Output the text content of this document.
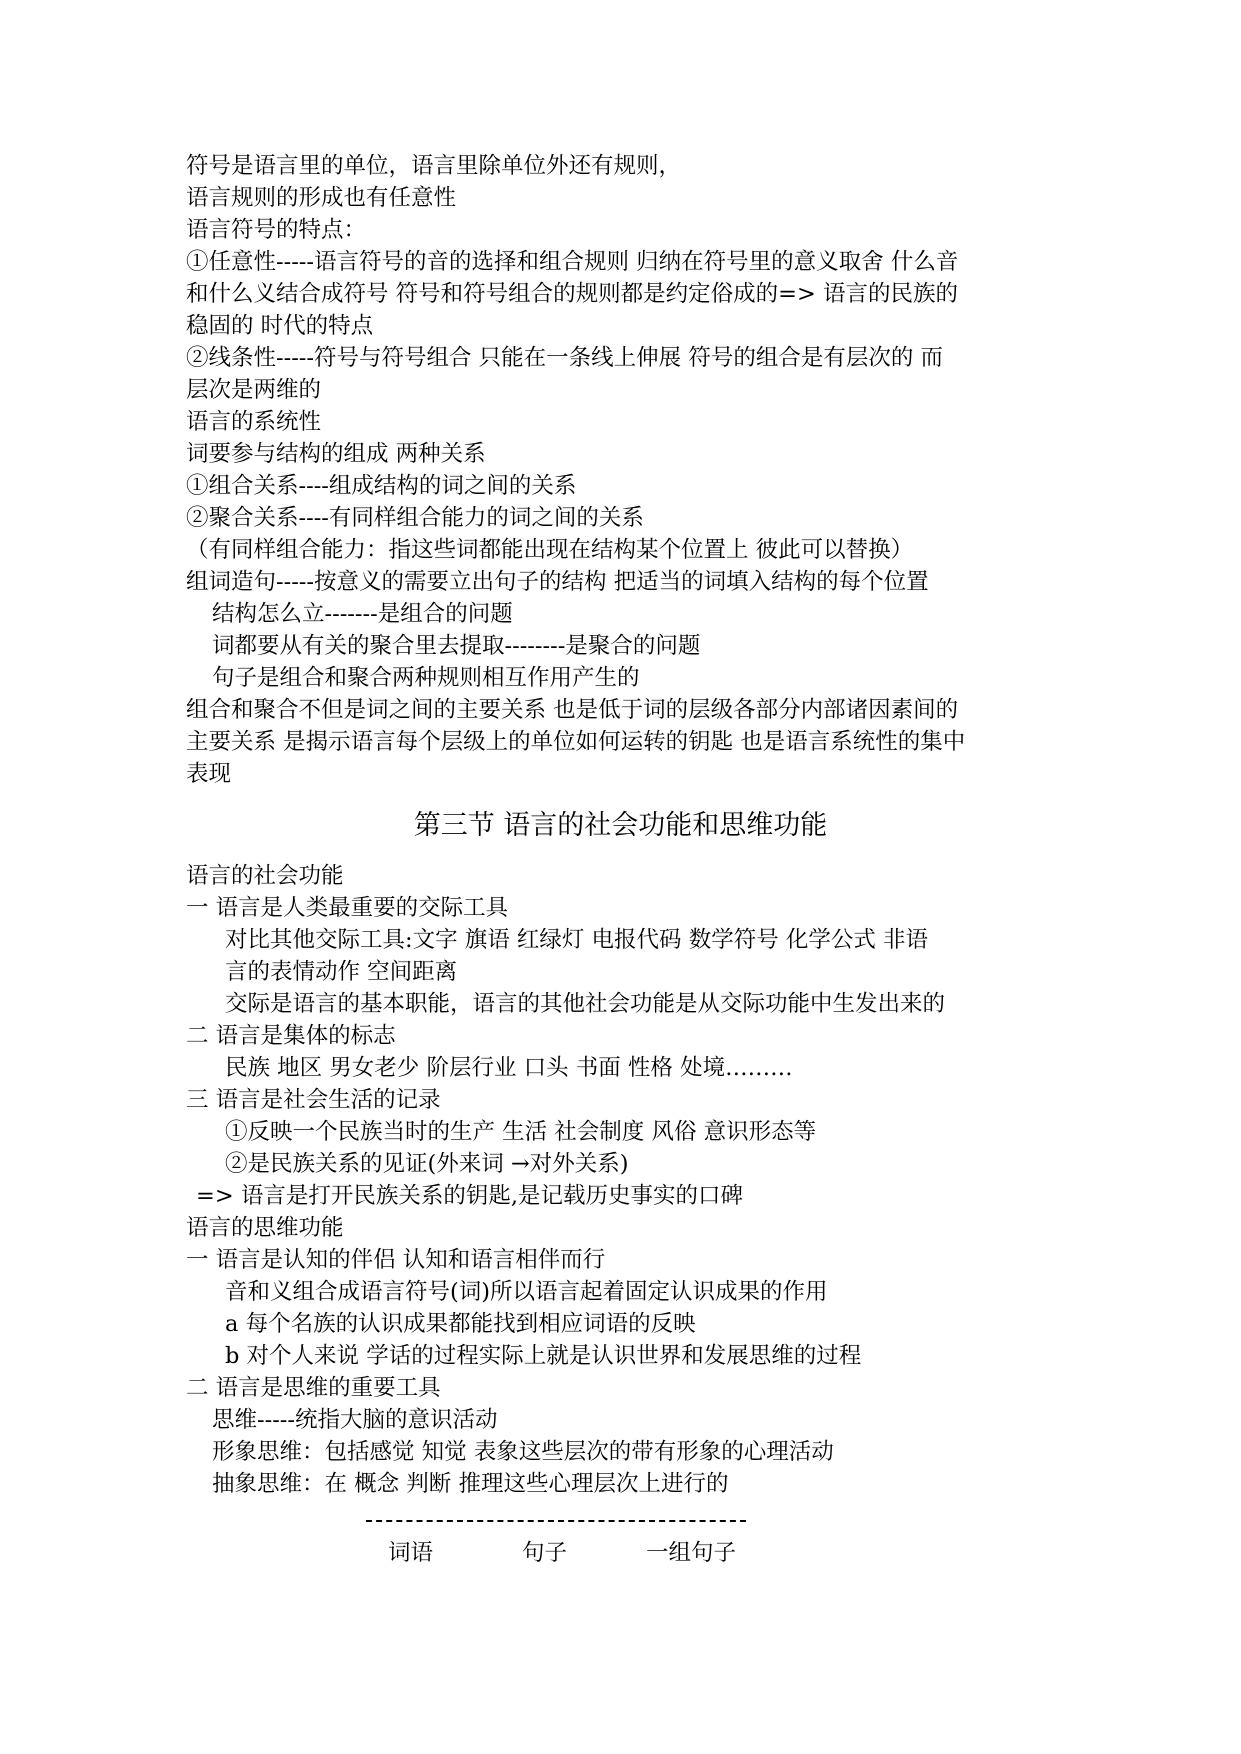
符号是语言里的单位，语言里除单位外还有规则，
语言规则的形成也有任意性
语言符号的特点：
①任意性-----语言符号的音的选择和组合规则 归纳在符号里的意义取舍 什么音
和什么义结合成符号 符号和符号组合的规则都是约定俗成的=> 语言的民族的
稳固的 时代的特点
②线条性-----符号与符号组合 只能在一条线上伸展 符号的组合是有层次的 而
层次是两维的
语言的系统性
词要参与结构的组成 两种关系
①组合关系----组成结构的词之间的关系
②聚合关系----有同样组合能力的词之间的关系
（有同样组合能力：指这些词都能出现在结构某个位置上 彼此可以替换）
组词造句-----按意义的需要立出句子的结构 把适当的词填入结构的每个位置
结构怎么立-------是组合的问题
词都要从有关的聚合里去提取--------是聚合的问题
句子是组合和聚合两种规则相互作用产生的
组合和聚合不但是词之间的主要关系 也是低于词的层级各部分内部诸因素间的
主要关系 是揭示语言每个层级上的单位如何运转的钥匙 也是语言系统性的集中
表现
第三节 语言的社会功能和思维功能
语言的社会功能
一 语言是人类最重要的交际工具
对比其他交际工具:文字 旗语 红绿灯 电报代码 数学符号 化学公式 非语
言的表情动作 空间距离
交际是语言的基本职能，语言的其他社会功能是从交际功能中生发出来的
二 语言是集体的标志
民族 地区 男女老少 阶层行业 口头 书面 性格 处境………
三 语言是社会生活的记录
①反映一个民族当时的生产 生活 社会制度 风俗 意识形态等
②是民族关系的见证(外来词 →对外关系)
=> 语言是打开民族关系的钥匙,是记载历史事实的口碑
语言的思维功能
一 语言是认知的伴侣 认知和语言相伴而行
音和义组合成语言符号(词)所以语言起着固定认识成果的作用
a 每个名族的认识成果都能找到相应词语的反映
b 对个人来说 学话的过程实际上就是认识世界和发展思维的过程
二 语言是思维的重要工具
思维-----统指大脑的意识活动
形象思维：包括感觉 知觉 表象这些层次的带有形象的心理活动
抽象思维：在 概念 判断 推理这些心理层次上进行的
词语	句子	一组句子
